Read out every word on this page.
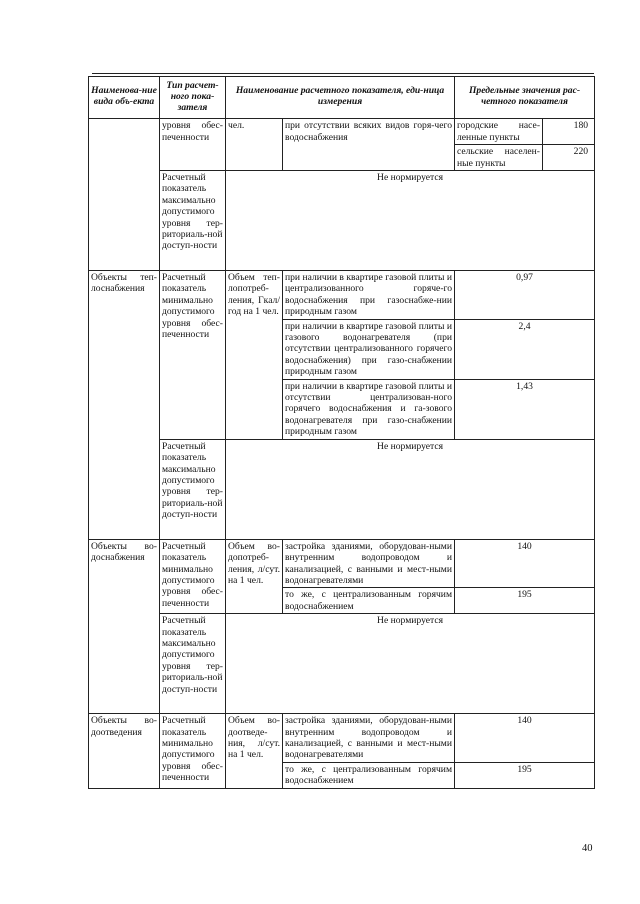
Наименова-ние вида объ-екта	Тип расчет-ного пока-зателя	Наименование расчетного показателя, еди-ница измерения		Предельные значения рас-четного показателя	
	уровня обес-печенности	чел.	при отсутствии всяких видов горя-чего водоснабжения	городские насе-ленные пункты	180
				сельские населен-ные пункты	220
	Расчетный показатель максимально допустимого уровня тер-риториаль-ной доступ-ности	Не нормируется			
Объекты теп-лоснабжения	Расчетный показатель минимально допустимого уровня обес-печенности	Объем теп-лопотреб-ления, Гкал/год на 1 чел.	при наличии в квартире газовой плиты и централизованного горяче-го водоснабжения при газоснабже-нии природным газом	0,97	
			при наличии в квартире газовой плиты и газового водонагревателя (при отсутствии централизованного горячего водоснабжения) при газо-снабжении природным газом	2,4	
			при наличии в квартире газовой плиты и отсутствии централизован-ного горячего водоснабжения и га-зового водонагревателя при газо-снабжении природным газом	1,43	
	Расчетный показатель максимально допустимого уровня тер-риториаль-ной доступ-ности	Не нормируется			
Объекты во-доснабжения	Расчетный показатель минимально допустимого уровня обес-печенности	Объем во-допотреб-ления, л/сут. на 1 чел.	застройка зданиями, оборудован-ными внутренним водопроводом и канализацией, с ванными и мест-ными водонагревателями	140	
			то же, с централизованным горячим водоснабжением	195	
	Расчетный показатель максимально допустимого уровня тер-риториаль-ной доступ-ности	Не нормируется			
Объекты во-доотведения	Расчетный показатель минимально допустимого уровня обес-печенности	Объем во-доотведе-ния, л/сут. на 1 чел.	застройка зданиями, оборудован-ными внутренним водопроводом и канализацией, с ванными и мест-ными водонагревателями	140	
			то же, с централизованным горячим водоснабжением	195	
40
